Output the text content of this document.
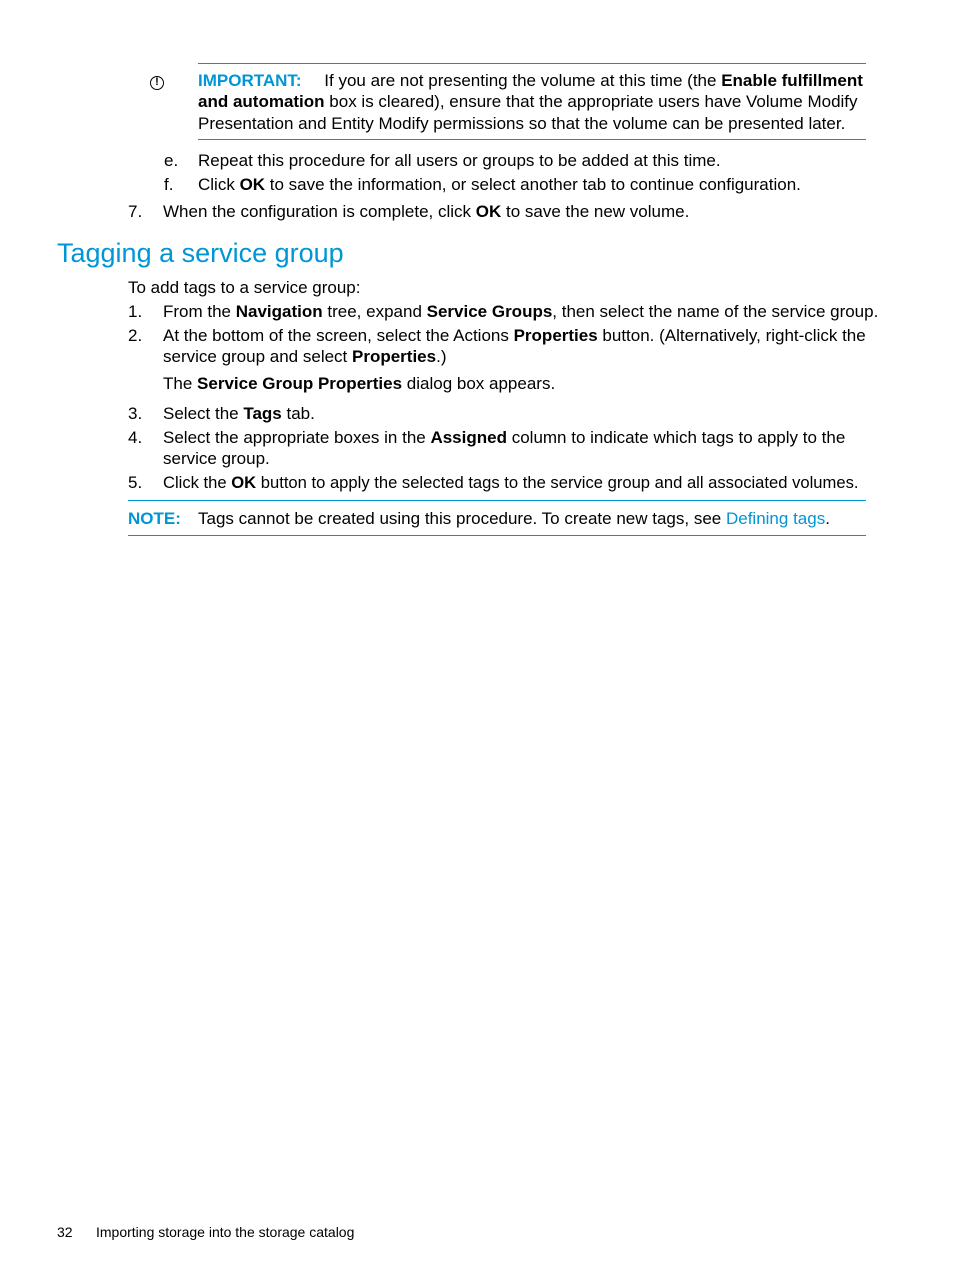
!	IMPORTANT: If you are not presenting the volume at this time (the Enable fulfillment
and automation box is cleared), ensure that the appropriate users have Volume Modify
Presentation and Entity Modify permissions so that the volume can be presented later.
e. Repeat this procedure for all users or groups to be added at this time.
f. Click OK to save the information, or select another tab to continue configuration.
7. When the configuration is complete, click OK to save the new volume.
Tagging a service group
To add tags to a service group:
1. From the Navigation tree, expand Service Groups, then select the name of the service group.
2. At the bottom of the screen, select the Actions Properties button. (Alternatively, right-click the
service group and select Properties.)
The Service Group Properties dialog box appears.
3. Select the Tags tab.
4. Select the appropriate boxes in the Assigned column to indicate which tags to apply to the
service group.
5. Click the OK button to apply the selected tags to the service group and all associated volumes.
NOTE: Tags cannot be created using this procedure. To create new tags, see Defining tags.
32 Importing storage into the storage catalog
